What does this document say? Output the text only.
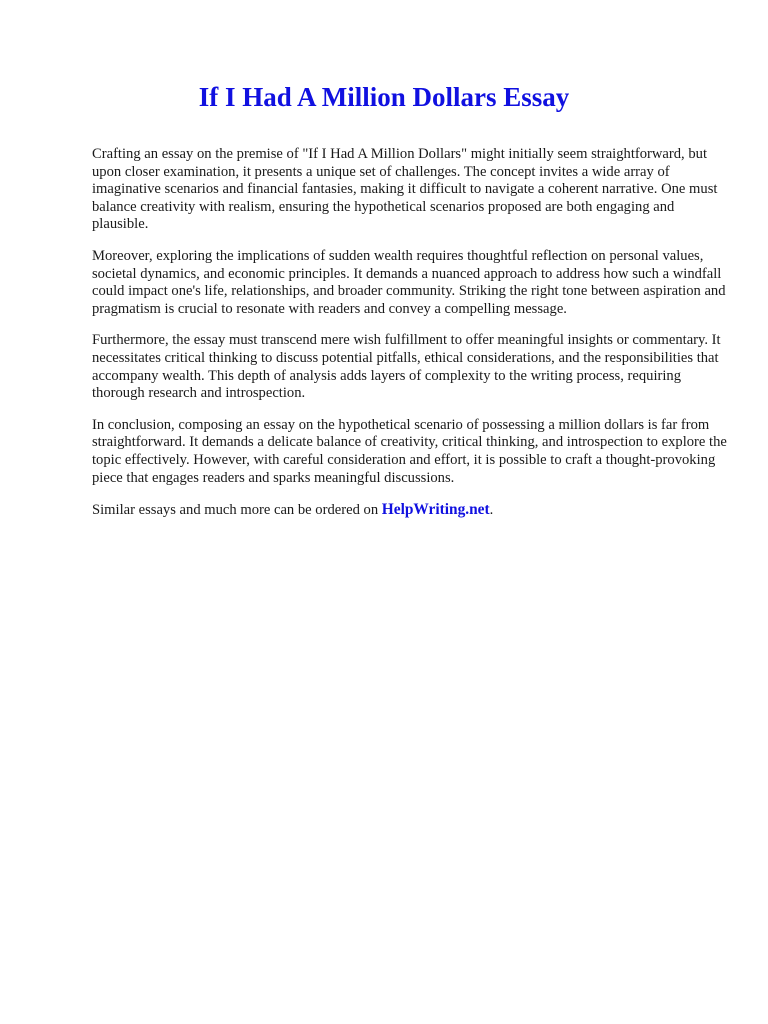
If I Had A Million Dollars Essay

Crafting an essay on the premise of "If I Had A Million Dollars" might initially seem straightforward, but upon closer examination, it presents a unique set of challenges. The concept invites a wide array of imaginative scenarios and financial fantasies, making it difficult to navigate a coherent narrative. One must balance creativity with realism, ensuring the hypothetical scenarios proposed are both engaging and plausible.

Moreover, exploring the implications of sudden wealth requires thoughtful reflection on personal values, societal dynamics, and economic principles. It demands a nuanced approach to address how such a windfall could impact one's life, relationships, and broader community. Striking the right tone between aspiration and pragmatism is crucial to resonate with readers and convey a compelling message.

Furthermore, the essay must transcend mere wish fulfillment to offer meaningful insights or commentary. It necessitates critical thinking to discuss potential pitfalls, ethical considerations, and the responsibilities that accompany wealth. This depth of analysis adds layers of complexity to the writing process, requiring thorough research and introspection.

In conclusion, composing an essay on the hypothetical scenario of possessing a million dollars is far from straightforward. It demands a delicate balance of creativity, critical thinking, and introspection to explore the topic effectively. However, with careful consideration and effort, it is possible to craft a thought-provoking piece that engages readers and sparks meaningful discussions.

Similar essays and much more can be ordered on HelpWriting.net.
